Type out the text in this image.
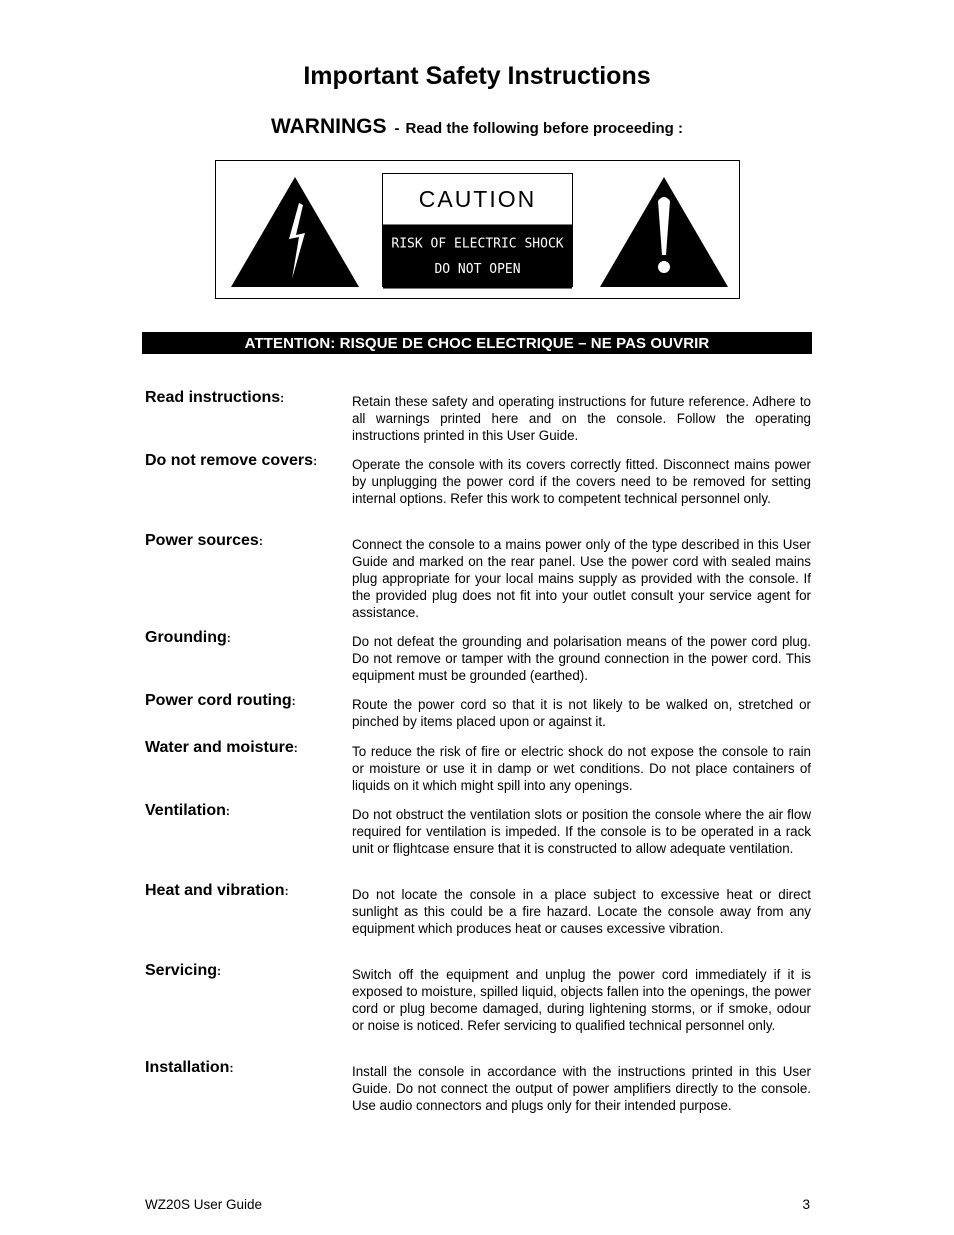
Important Safety Instructions
WARNINGS - Read the following before proceeding :
CAUTION
RISK OF ELECTRIC SHOCK
DO NOT OPEN
ATTENTION: RISQUE DE CHOC ELECTRIQUE – NE PAS OUVRIR
Read instructions:	Retain these safety and operating instructions for future reference. Adhere to all warnings printed here and on the console. Follow the operating instructions printed in this User Guide.
Do not remove covers:	Operate the console with its covers correctly fitted. Disconnect mains power by unplugging the power cord if the covers need to be removed for setting internal options. Refer this work to competent technical personnel only.
Power sources:	Connect the console to a mains power only of the type described in this User Guide and marked on the rear panel. Use the power cord with sealed mains plug appropriate for your local mains supply as provided with the console. If the provided plug does not fit into your outlet consult your service agent for assistance.
Grounding:	Do not defeat the grounding and polarisation means of the power cord plug. Do not remove or tamper with the ground connection in the power cord. This equipment must be grounded (earthed).
Power cord routing:	Route the power cord so that it is not likely to be walked on, stretched or pinched by items placed upon or against it.
Water and moisture:	To reduce the risk of fire or electric shock do not expose the console to rain or moisture or use it in damp or wet conditions. Do not place containers of liquids on it which might spill into any openings.
Ventilation:	Do not obstruct the ventilation slots or position the console where the air flow required for ventilation is impeded. If the console is to be operated in a rack unit or flightcase ensure that it is constructed to allow adequate ventilation.
Heat and vibration:	Do not locate the console in a place subject to excessive heat or direct sunlight as this could be a fire hazard. Locate the console away from any equipment which produces heat or causes excessive vibration.
Servicing:	Switch off the equipment and unplug the power cord immediately if it is exposed to moisture, spilled liquid, objects fallen into the openings, the power cord or plug become damaged, during lightening storms, or if smoke, odour or noise is noticed. Refer servicing to qualified technical personnel only.
Installation:	Install the console in accordance with the instructions printed in this User Guide. Do not connect the output of power amplifiers directly to the console. Use audio connectors and plugs only for their intended purpose.
WZ20S User Guide	3
